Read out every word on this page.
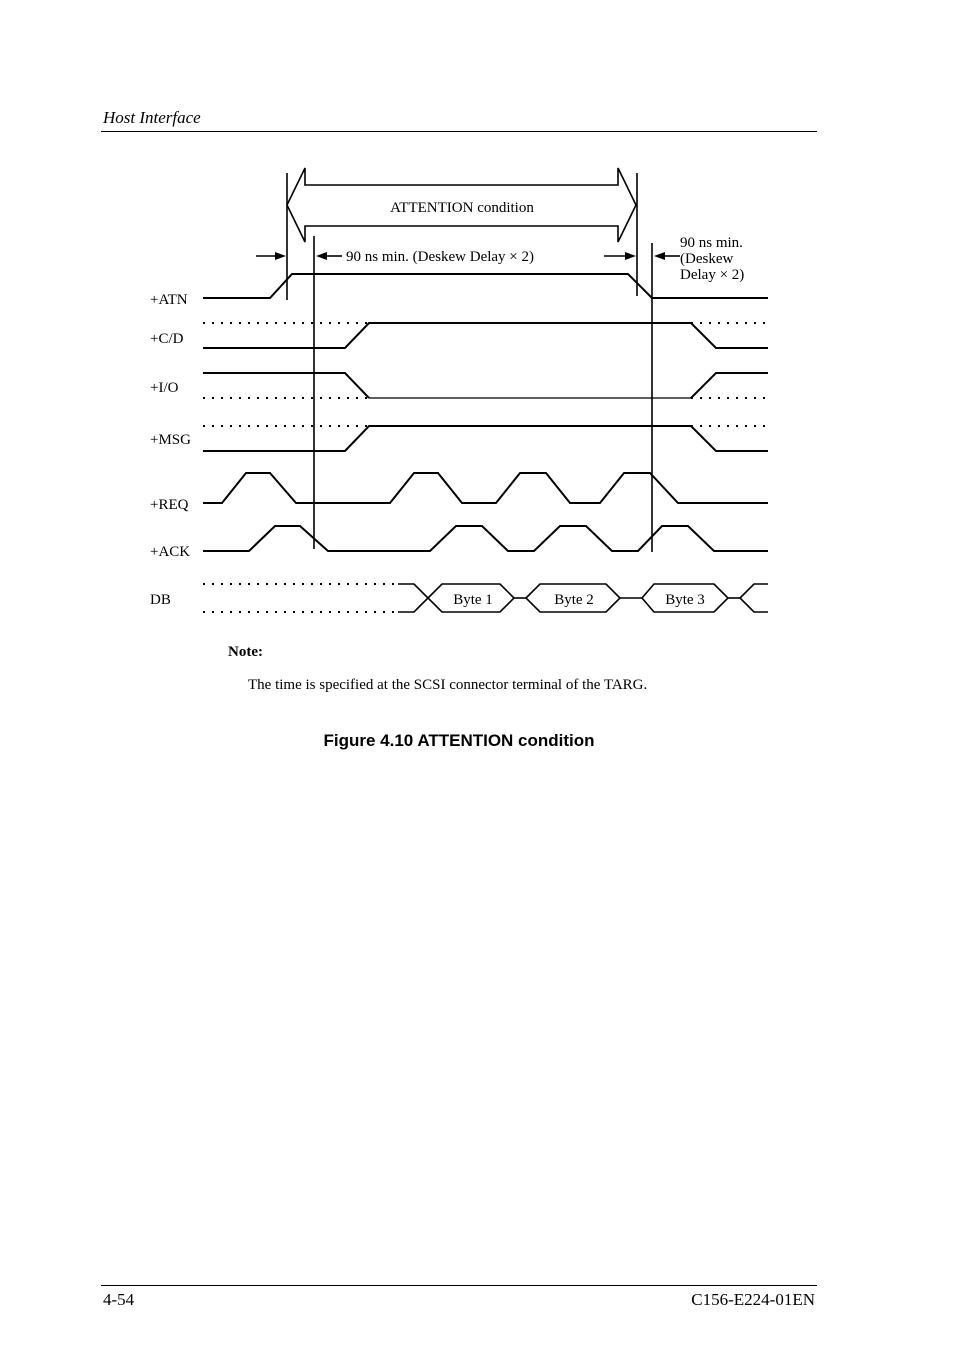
Host Interface
ATTENTION condition
90 ns min. (Deskew Delay × 2)
90 ns min.
(Deskew
Delay × 2)
+ATN
+C/D
+I/O
+MSG
+REQ
+ACK
DB	Byte 1	Byte 2	Byte 3
Note:
The time is specified at the SCSI connector terminal of the TARG.
Figure 4.10 ATTENTION condition
4-54	C156-E224-01EN
